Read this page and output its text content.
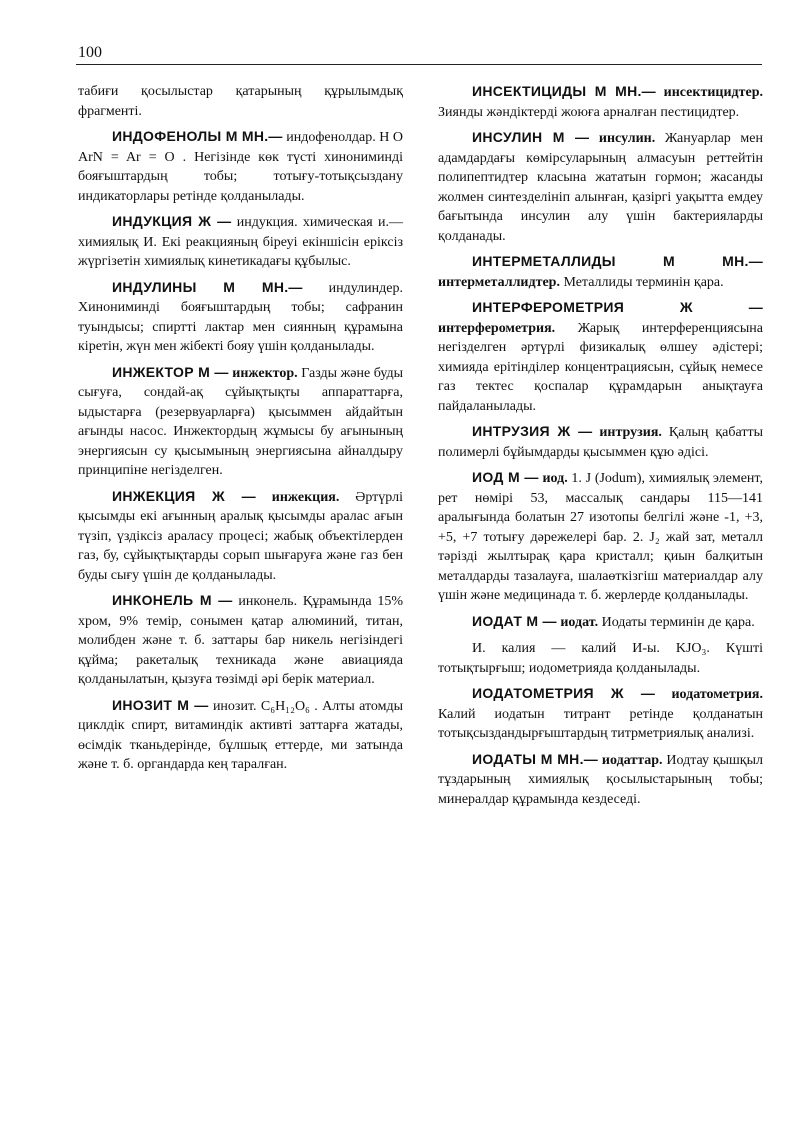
100

табиғи қосылыстар қатарының құрылымдық фрагменті.

ИНДОФЕНОЛЫ М МН.— индофенолдар. H O ArN = Ar = O . Негізінде көк түсті хинониминді бояғыштардың тобы; тотығу-тотықсыздану индикаторлары ретінде қолданылады.

ИНДУКЦИЯ Ж — индукция. химическая и.— химиялық И. Екі реакцияның біреуі екіншісін еріксіз жүргізетін химиялық кинетикадағы құбылыс.

ИНДУЛИНЫ М МН.— индулиндер. Хинониминді бояғыштардың тобы; сафранин туындысы; спиртті лактар мен сиянның құрамына кіретін, жүн мен жібекті бояу үшін қолданылады.

ИНЖЕКТОР М — инжектор. Газды және буды сығуға, сондай-ақ сұйықтықты аппараттарға, ыдыстарға (резервуарларға) қысыммен айдайтын ағынды насос. Инжектордың жұмысы бу ағынының энергиясын су қысымының энергиясына айналдыру принципіне негізделген.

ИНЖЕКЦИЯ Ж — инжекция. Әртүрлі қысымды екі ағынның аралық қысымды аралас ағын түзіп, үздіксіз араласу процесі; жабық объектілерден газ, бу, сұйықтықтарды сорып шығаруға және газ бен буды сығу үшін де қолданылады.

ИНКОНЕЛЬ М — инконель. Құрамында 15% хром, 9% темір, сонымен қатар алюминий, титан, молибден және т. б. заттары бар никель негізіндегі құйма; ракеталық техникада және авиацияда қолданылатын, қызуға төзімді әрі берік материал.

ИНОЗИТ М — инозит. C₆H₁₂O₆ . Алты атомды циклдік спирт, витаминдік активті заттарға жатады, өсімдік тканьдерінде, бұлшық еттерде, ми затында және т. б. органдарда кең таралған.

ИНСЕКТИЦИДЫ М МН.— инсектицидтер. Зиянды жәндіктерді жоюға арналған пестицидтер.

ИНСУЛИН М — инсулин. Жануарлар мен адамдардағы көмірсуларының алмасуын реттейтін полипептидтер класына жататын гормон; жасанды жолмен синтезделініп алынған, қазіргі уақытта емдеу бағытында инсулин алу үшін бактерияларды қолданады.

ИНТЕРМЕТАЛЛИДЫ М МН.— интерметаллидтер. Металлиды терминін қара.

ИНТЕРФЕРОМЕТРИЯ Ж — интерферометрия. Жарық интерференциясына негізделген әртүрлі физикалық өлшеу әдістері; химияда ерітінділер концентрациясын, сұйық немесе газ тектес қоспалар құрамдарын анықтауға пайдаланылады.

ИНТРУЗИЯ Ж — интрузия. Қалың қабатты полимерлі бұйымдарды қысыммен құю әдісі.

ИОД М — иод. 1. J (Jodum), химиялық элемент, рет нөмірі 53, массалық сандары 115—141 аралығында болатын 27 изотопы белгілі және -1, +3, +5, +7 тотығу дәрежелері бар. 2. J₂ жай зат, металл тәрізді жылтырақ қара кристалл; қиын балқитын металдарды тазалауға, шалаөткізгіш материалдар алу үшін және медицинада т. б. жерлерде қолданылады.

ИОДАТ М — иодат. Иодаты терминін де қара.

И. калия — калий И-ы. KJO₃. Күшті тотықтырғыш; иодометрияда қолданылады.

ИОДАТОМЕТРИЯ Ж — иодатометрия. Калий иодатын титрант ретінде қолданатын тотықсыздандырғыштардың титрметриялық анализі.

ИОДАТЫ М МН.— иодаттар. Иодтау қышқыл тұздарының химиялық қосылыстарының тобы; минералдар құрамында кездеседі.
